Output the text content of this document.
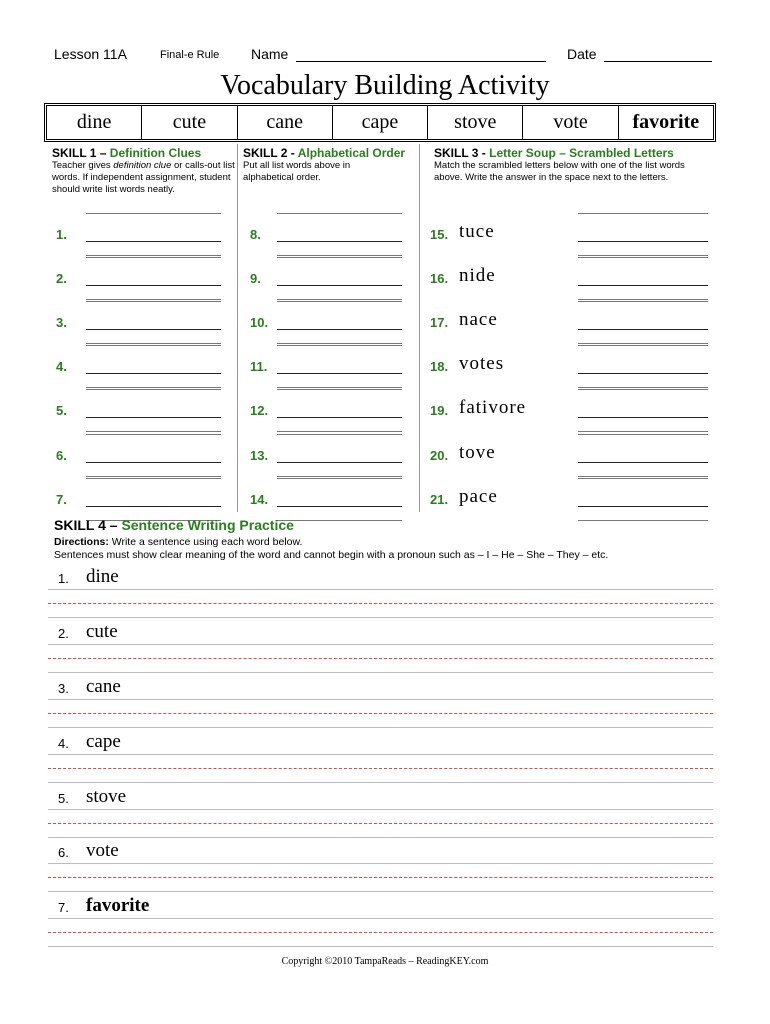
Lesson 11A	Final-e Rule Name	Date
Vocabulary Building Activity
dine	cute	cane	cape	stove	vote	favorite
SKILL 1 – Definition Clues
Teacher gives definition clue or calls-out list words. If independent assignment, student should write list words neatly.
SKILL 2 - Alphabetical Order
Put all list words above in alphabetical order.
SKILL 3 - Letter Soup – Scrambled Letters
Match the scrambled letters below with one of the list words above. Write the answer in the space next to the letters.
1.
2.
3.
4.
5.
6.
7.
8.
9.
10.
11.
12.
13.
14.
15. tuce
16. nide
17. nace
18. votes
19. fativore
20. tove
21. pace
SKILL 4 – Sentence Writing Practice
Directions: Write a sentence using each word below.
Sentences must show clear meaning of the word and cannot begin with a pronoun such as – I – He – She – They – etc.
1. dine
2. cute
3. cane
4. cape
5. stove
6. vote
7. favorite
Copyright ©2010 TampaReads – ReadingKEY.com
